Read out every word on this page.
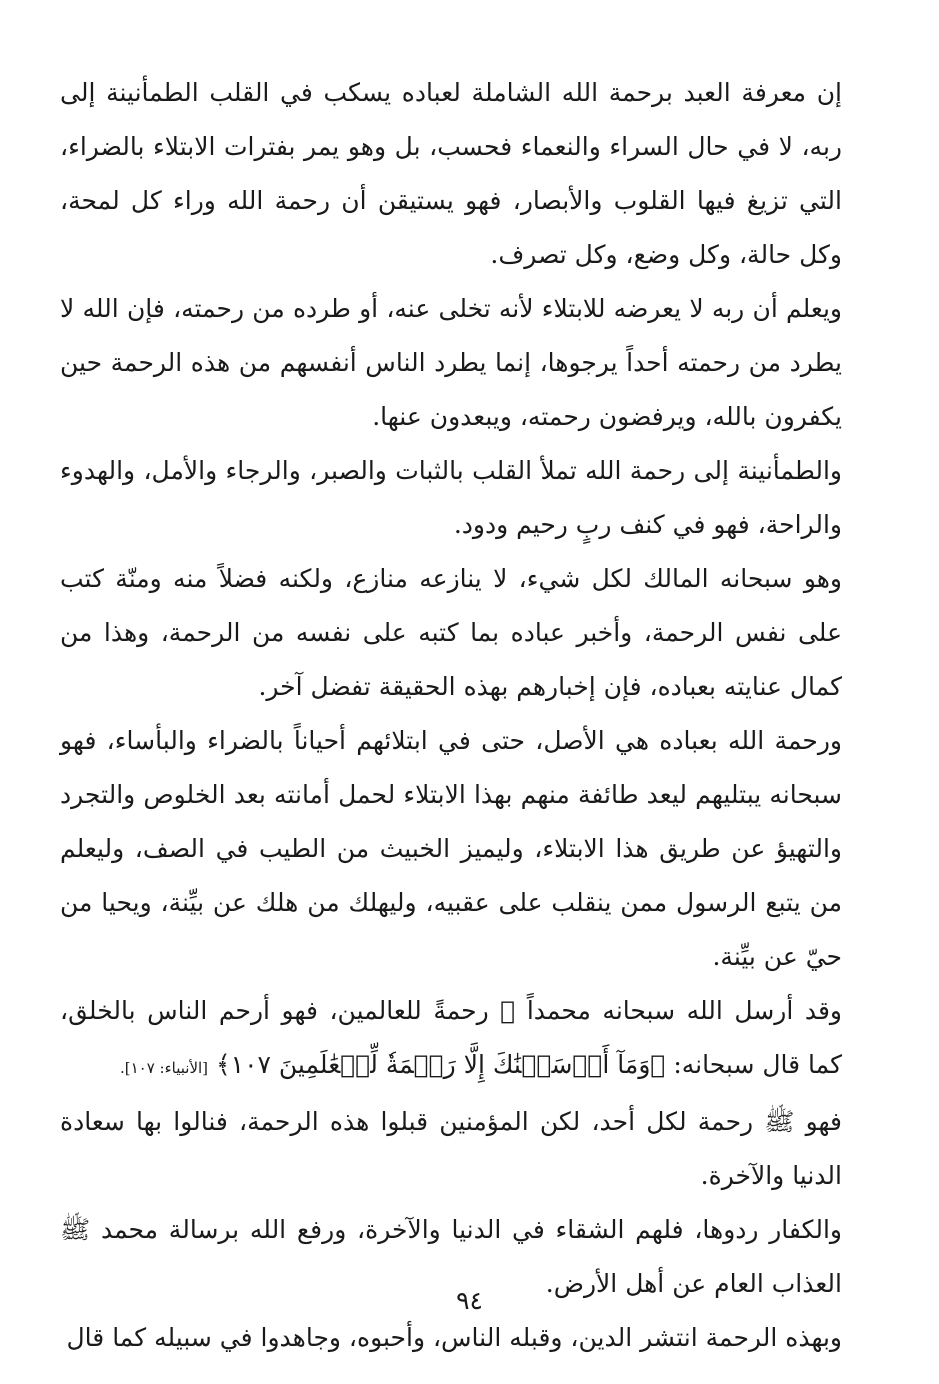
إن معرفة العبد برحمة الله الشاملة لعباده يسكب في القلب الطمأنينة إلى ربه، لا في حال السراء والنعماء فحسب، بل وهو يمر بفترات الابتلاء بالضراء، التي تزيغ فيها القلوب والأبصار، فهو يستيقن أن رحمة الله وراء كل لمحة، وكل حالة، وكل وضع، وكل تصرف.

ويعلم أن ربه لا يعرضه للابتلاء لأنه تخلى عنه، أو طرده من رحمته، فإن الله لا يطرد من رحمته أحداً يرجوها، إنما يطرد الناس أنفسهم من هذه الرحمة حين يكفرون بالله، ويرفضون رحمته، ويبعدون عنها.

والطمأنينة إلى رحمة الله تملأ القلب بالثبات والصبر، والرجاء والأمل، والهدوء والراحة، فهو في كنف ربٍ رحيم ودود.

وهو سبحانه المالك لكل شيء، لا ينازعه منازع، ولكنه فضلاً منه ومنّة كتب على نفس الرحمة، وأخبر عباده بما كتبه على نفسه من الرحمة، وهذا من كمال عنايته بعباده، فإن إخبارهم بهذه الحقيقة تفضل آخر.

ورحمة الله بعباده هي الأصل، حتى في ابتلائهم أحياناً بالضراء والبأساء، فهو سبحانه يبتليهم ليعد طائفة منهم بهذا الابتلاء لحمل أمانته بعد الخلوص والتجرد والتهيؤ عن طريق هذا الابتلاء، وليميز الخبيث من الطيب في الصف، وليعلم من يتبع الرسول ممن ينقلب على عقبيه، وليهلك من هلك عن بيِّنة، ويحيا من حيّ عن بيِّنة.

وقد أرسل الله سبحانه محمداً ﷺ رحمةً للعالمين، فهو أرحم الناس بالخلق، كما قال سبحانه: ﴿وَمَآ أَرۡسَلۡنَٰكَ إِلَّا رَحۡمَةٗ لِّلۡعَٰلَمِينَ ١٠٧﴾ [الأنبياء: ١٠٧].

فهو ﷺ رحمة لكل أحد، لكن المؤمنين قبلوا هذه الرحمة، فنالوا بها سعادة الدنيا والآخرة.

والكفار ردوها، فلهم الشقاء في الدنيا والآخرة، ورفع الله برسالة محمد ﷺ العذاب العام عن أهل الأرض.

وبهذه الرحمة انتشر الدين، وقبله الناس، وأحبوه، وجاهدوا في سبيله كما قال

٩٤
